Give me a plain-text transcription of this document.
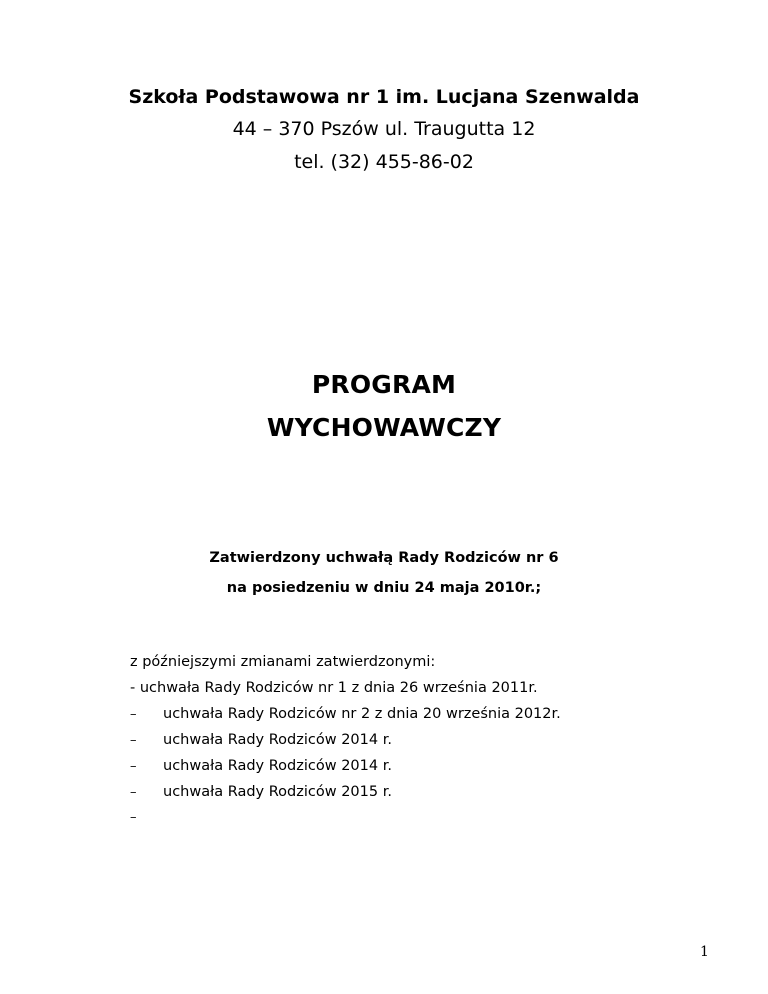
Szkoła Podstawowa nr 1 im. Lucjana Szenwalda
44 – 370 Pszów ul. Traugutta 12
tel. (32) 455-86-02
PROGRAM
WYCHOWAWCZY
Zatwierdzony uchwałą Rady Rodziców nr 6
na posiedzeniu w dniu 24 maja 2010r.;
z późniejszymi zmianami zatwierdzonymi:
- uchwała Rady Rodziców nr 1 z dnia 26 września 2011r.
–	uchwała Rady Rodziców nr 2 z dnia 20 września 2012r.
–	uchwała Rady Rodziców 2014 r.
–	uchwała Rady Rodziców 2014 r.
–	uchwała Rady Rodziców 2015 r.
–
1
